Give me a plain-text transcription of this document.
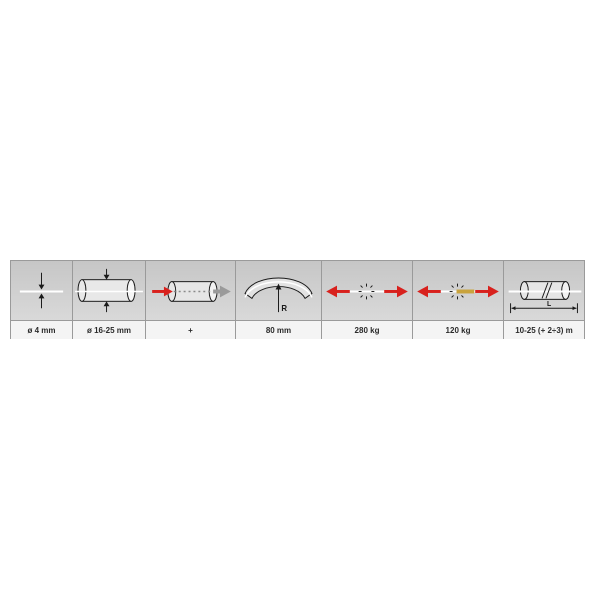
R	L
ø 4 mm	ø 16-25 mm	+	80 mm	280 kg	120 kg	10-25 (+ 2÷3) m
